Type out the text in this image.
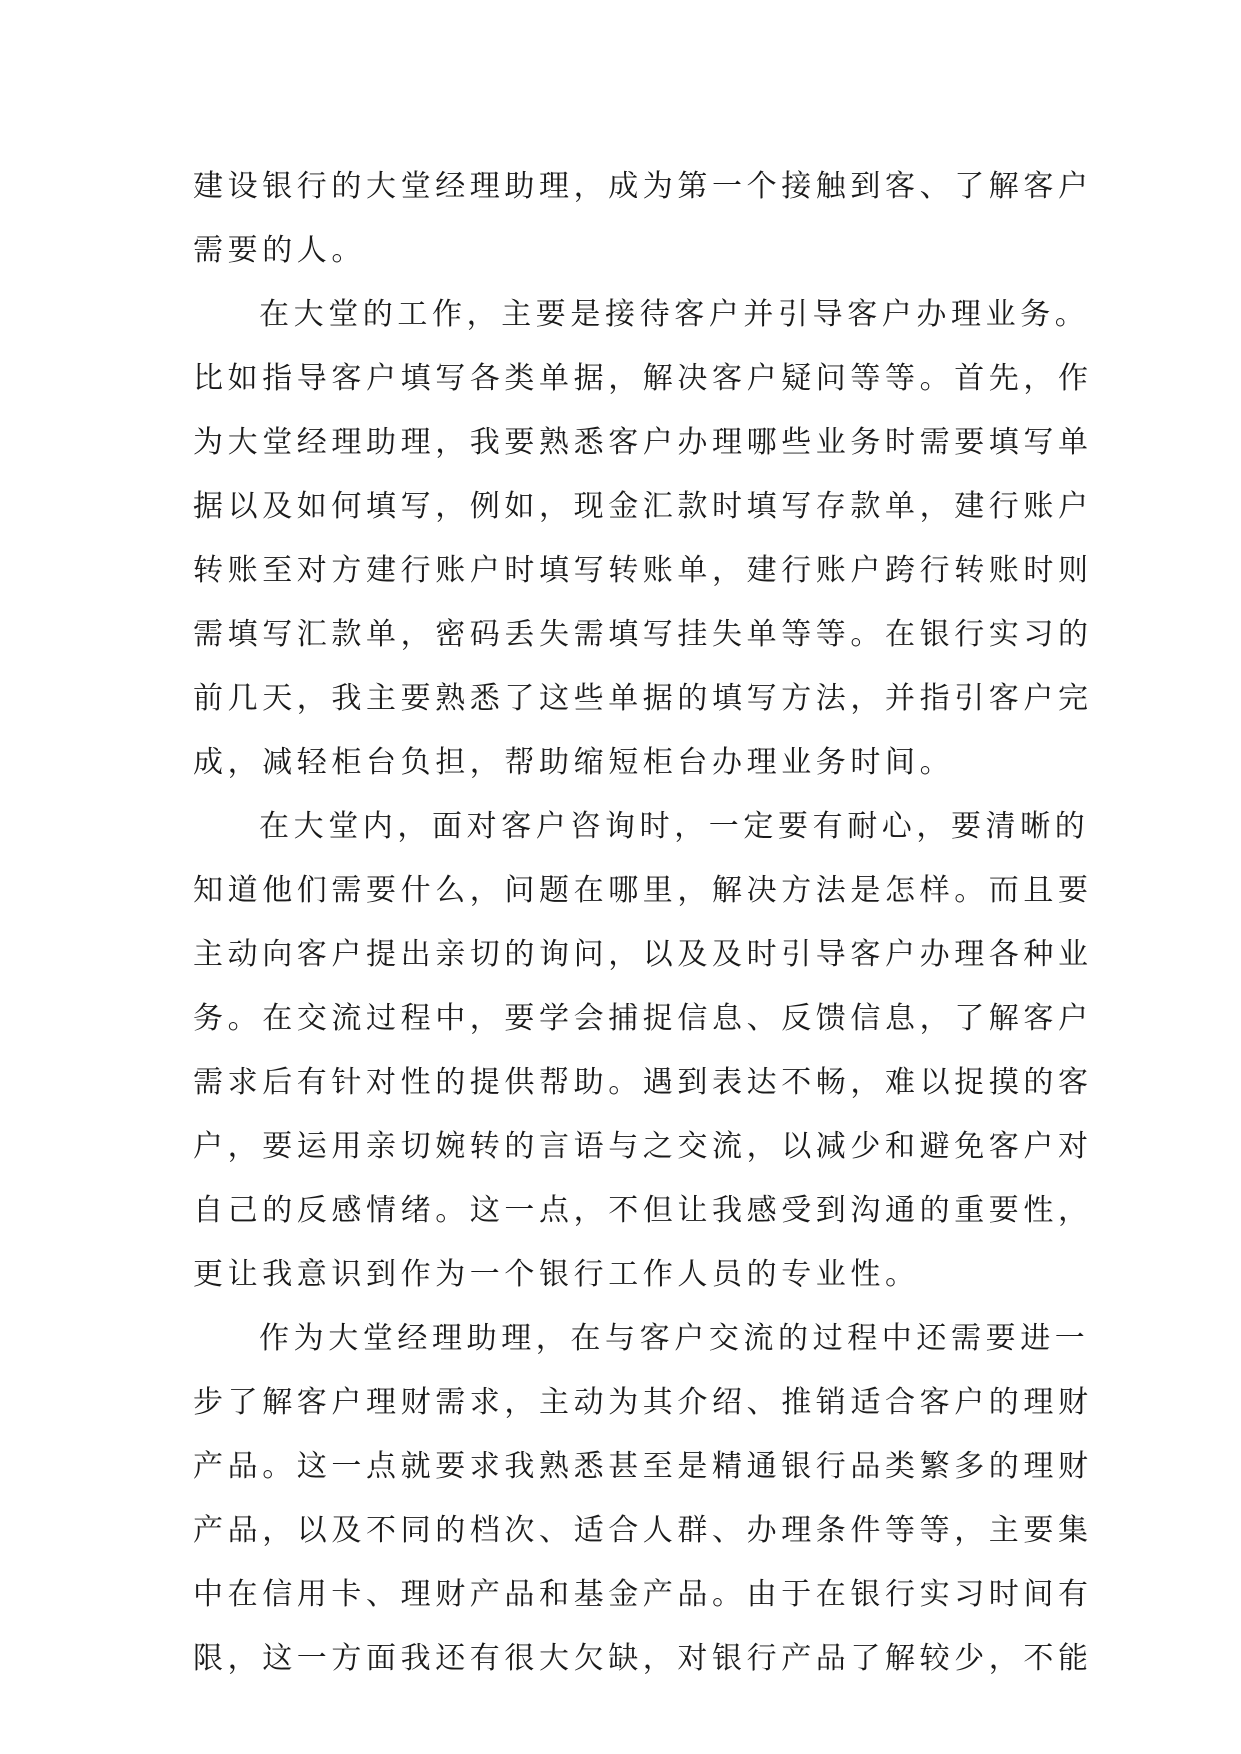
建设银行的大堂经理助理，成为第一个接触到客、了解客户
需要的人。
在大堂的工作，主要是接待客户并引导客户办理业务。
比如指导客户填写各类单据，解决客户疑问等等。首先，作
为大堂经理助理，我要熟悉客户办理哪些业务时需要填写单
据以及如何填写，例如，现金汇款时填写存款单，建行账户
转账至对方建行账户时填写转账单，建行账户跨行转账时则
需填写汇款单，密码丢失需填写挂失单等等。在银行实习的
前几天，我主要熟悉了这些单据的填写方法，并指引客户完
成，减轻柜台负担，帮助缩短柜台办理业务时间。
在大堂内，面对客户咨询时，一定要有耐心，要清晰的
知道他们需要什么，问题在哪里，解决方法是怎样。而且要
主动向客户提出亲切的询问，以及及时引导客户办理各种业
务。在交流过程中，要学会捕捉信息、反馈信息，了解客户
需求后有针对性的提供帮助。遇到表达不畅，难以捉摸的客
户，要运用亲切婉转的言语与之交流，以减少和避免客户对
自己的反感情绪。这一点，不但让我感受到沟通的重要性，
更让我意识到作为一个银行工作人员的专业性。
作为大堂经理助理，在与客户交流的过程中还需要进一
步了解客户理财需求，主动为其介绍、推销适合客户的理财
产品。这一点就要求我熟悉甚至是精通银行品类繁多的理财
产品，以及不同的档次、适合人群、办理条件等等，主要集
中在信用卡、理财产品和基金产品。由于在银行实习时间有
限，这一方面我还有很大欠缺，对银行产品了解较少，不能
